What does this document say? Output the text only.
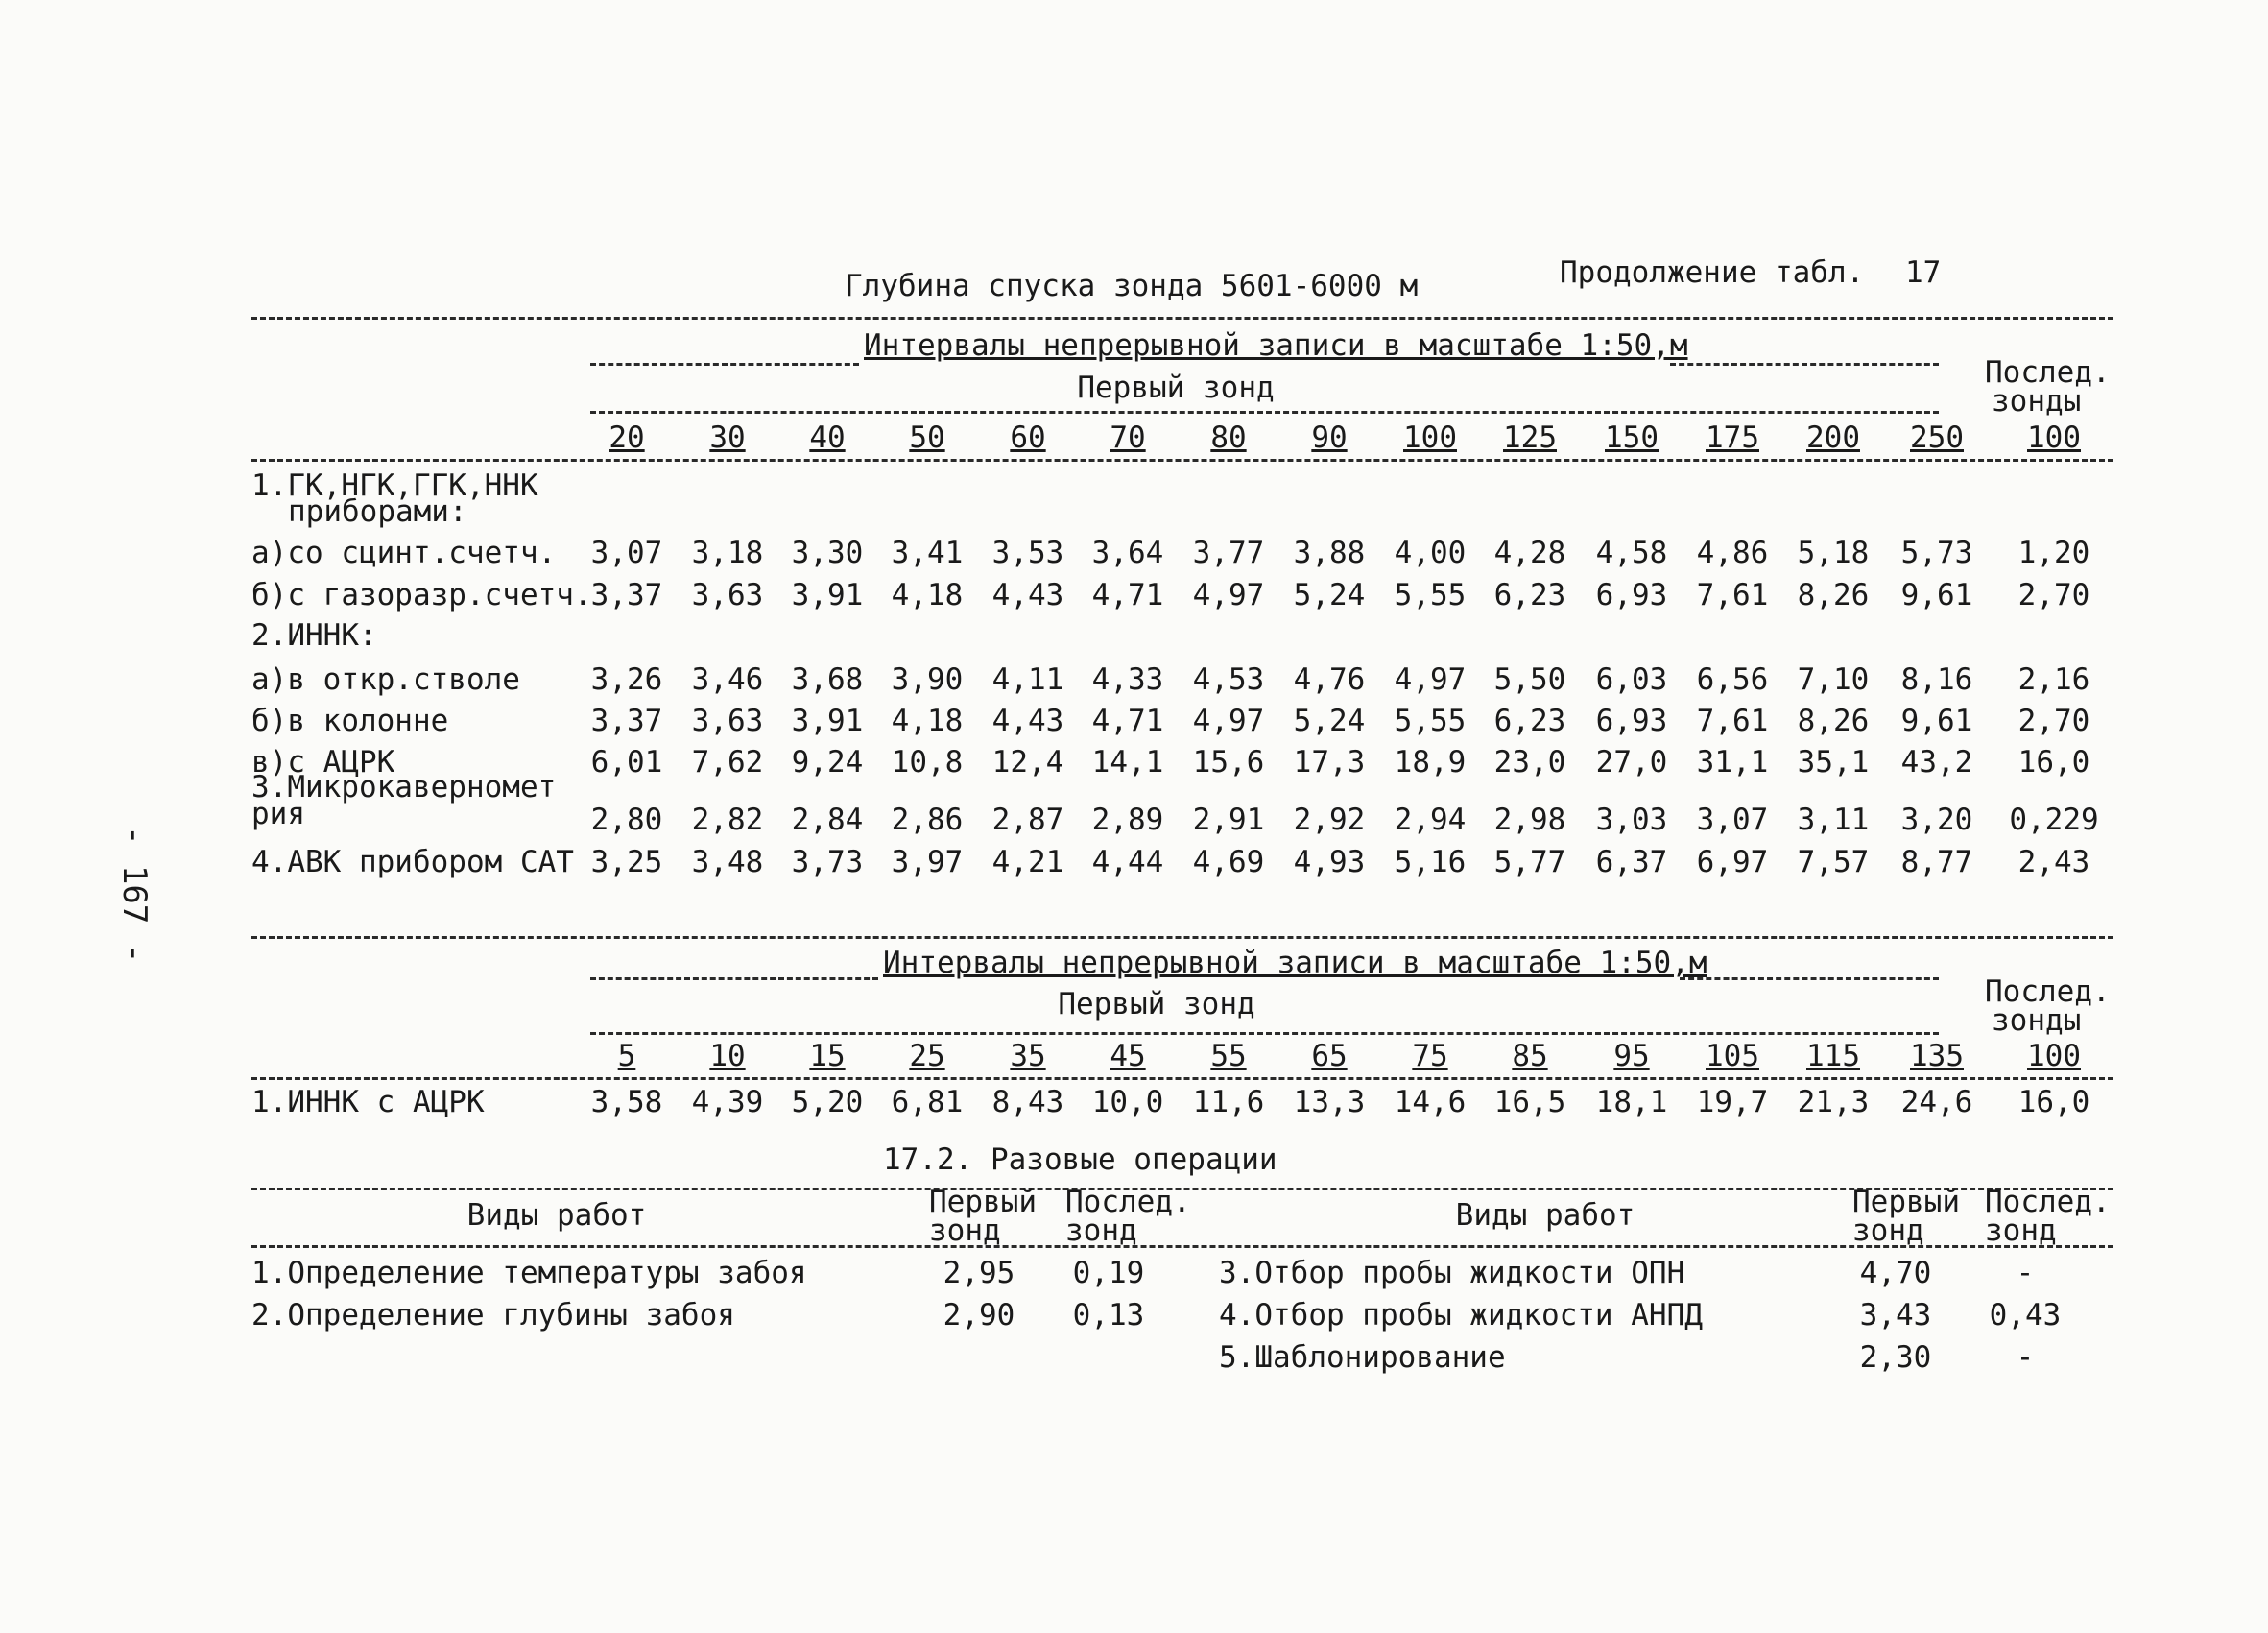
- 167 -
Глубина спуска зонда 5601-6000 м	Продолжение табл. 17
Интервалы непрерывной записи в масштабе 1:50,м
Первый зонд	Послед.
зонды
20	30	40	50	60	70	80	90	100	125	150	175	200	250	100
1.ГК,НГК,ГГК,ННК
приборами:
а)со сцинт.счетч.	3,07 3,18 3,30 3,41 3,53 3,64 3,77 3,88 4,00 4,28	4,58 4,86 5,18	5,73	1,20
б)с газоразр.счетч. 3,37 3,63 3,91 4,18 4,43 4,71 4,97 5,24 5,55 6,23	6,93 7,61 8,26	9,61	2,70
2.ИННК:
а)в откр.стволе	3,26 3,46 3,68 3,90 4,11 4,33 4,53 4,76 4,97 5,50	6,03 6,56 7,10	8,16	2,16
б)в колонне	3,37 3,63 3,91 4,18 4,43 4,71 4,97 5,24 5,55 6,23	6,93 7,61 8,26	9,61	2,70
в)с АЦРК	6,01 7,62 9,24 10,8 12,4 14,1 15,6 17,3 18,9 23,0	27,0 31,1 35,1	43,2	16,0
3.Микрокавернометрия	2,80 2,82 2,84 2,86 2,87 2,89 2,91 2,92 2,94 2,98	3,03 3,07 3,11	3,20	0,229
4.АВК прибором САТ 3,25 3,48 3,73 3,97 4,21 4,44 4,69 4,93 5,16 5,77	6,37 6,97 7,57	8,77	2,43
Интервалы непрерывной записи в масштабе 1:50,м
Первый зонд	Послед.
зонды
5	10	15	25	35	45	55	65	75	85	95	105	115	135	100
1.ИННК с АЦРК	3,58 4,39 5,20 6,81 8,43 10,0 11,6 13,3 14,6 16,5	18,1 19,7 21,3	24,6	16,0
17.2. Разовые операции
Виды работ	Первый
зонд
Послед.
зонд	Виды работ	Первый
зонд
Послед.
зонд
1.Определение температуры забоя	2,95	0,19
2.Определение глубины забоя	2,90	0,13
3.Отбор пробы жидкости ОПН	4,70	-
4.Отбор пробы жидкости АНПД	3,43	0,43
5.Шаблонирование	2,30	-
